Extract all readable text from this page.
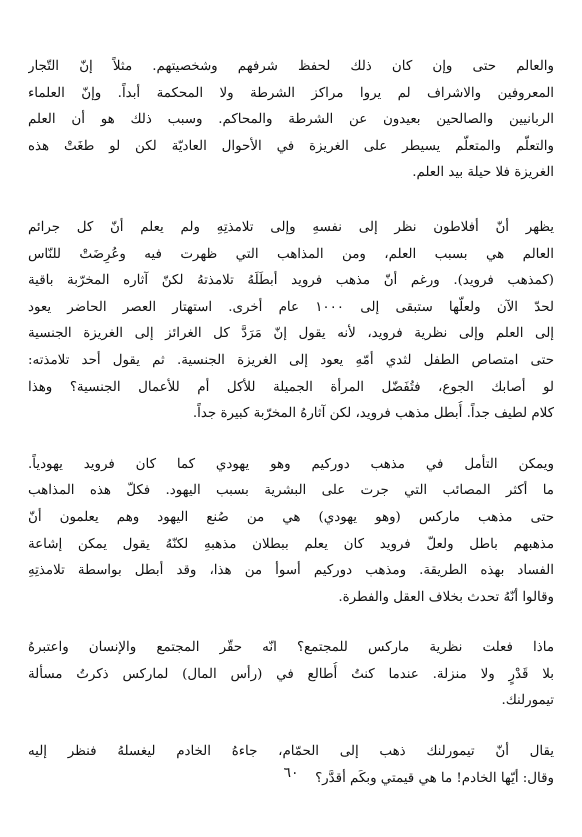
والعالم حتى وإن كان ذلك لحفظ شرفهم وشخصيتهم. مثلاً إنّ التّجار
المعروفين والاشراف لم يروا مراكز الشرطة ولا المحكمة أبداً. وإنّ العلماء
الربانيين والصالحين بعيدون عن الشرطة والمحاكم. وسبب ذلك هو أن العلم
والتعلّم والمتعلّم يسيطر على الغريزة في الأحوال العاديّة لكن لو طغَتْ هذه
الغريزة فلا حيلة بيد العلم.
يظهر أنّ أفلاطون نظر إلى نفسهِ وإلى تلامذتِهِ ولم يعلم أنّ كل جرائم
العالم هي بسبب العلم، ومن المذاهب التي ظهرت فيه وعُرِضَتْ للنّاس
(كمذهب فرويد). ورغم أنّ مذهب فرويد أبطَلَهُ تلامذتهُ لكنّ آثاره المخرّبة باقية
لحدّ الآن ولعلّها ستبقى إلى ١٠٠٠ عام أخرى. استهتار العصر الحاضر يعود
إلى العلم وإلى نظرية فرويد، لأنه يقول إنّ مَرَدَّ كل الغرائز إلى الغريزة الجنسية
حتى امتصاص الطفل لثدي أمّهِ يعود إلى الغريزة الجنسية. ثم يقول أحد تلامذته:
لو أصابك الجوع، فتُفَضّل المرأة الجميلة للأكل أم للأعمال الجنسية؟ وهذا
كلام لطيف جداً. أُبطل مذهب فرويد، لكن آثارهُ المخرّبة كبيرة جداً.
ويمكن التأمل في مذهب دوركيم وهو يهودي كما كان فرويد يهودياً.
ما أكثر المصائب التي جرت على البشرية بسبب اليهود. فكلّ هذه المذاهب
حتى مذهب ماركس (وهو يهودي) هي من صُنع اليهود وهم يعلمون أنّ
مذهبهم باطل ولعلّ فرويد كان يعلم ببطلان مذهبهِ لكنّهُ يقول يمكن إشاعة
الفساد بهذه الطريقة. ومذهب دوركيم أسوأ من هذا، وقد أبطل بواسطة تلامذتِهِ
وقالوا أنّهُ تحدث بخلاف العقل والفطرة.
ماذا فعلت نظرية ماركس للمجتمع؟ انّه حقّر المجتمع والإنسان واعتبرهُ
بلا قَدْرٍ ولا منزلة. عندما كنتُ أُطالع في (رأس المال) لماركس ذكرتُ مسألة
تيمورلنك.
يقال أنّ تيمورلنك ذهب إلى الحمّام، جاءهُ الخادم ليغسلهُ فنظر إليه
وقال: أيّها الخادم! ما هي قيمتي وبكَم أقدَّر؟
٦٠
